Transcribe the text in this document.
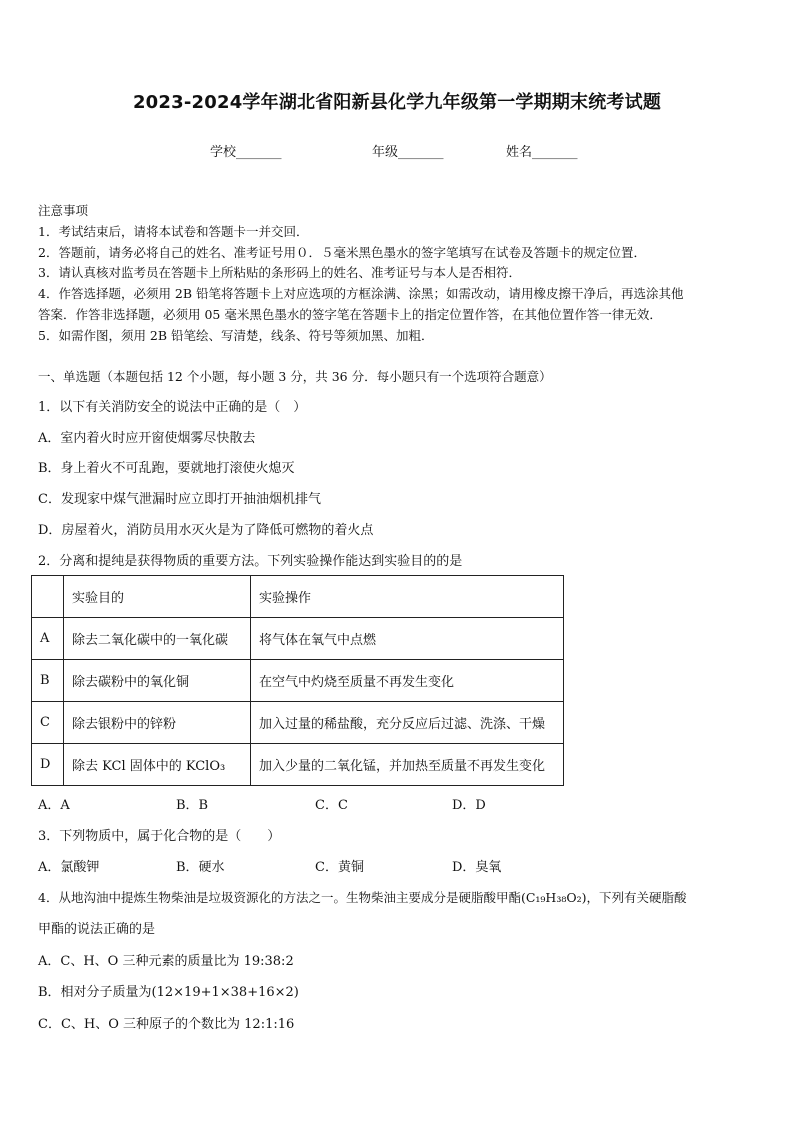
2023-2024学年湖北省阳新县化学九年级第一学期期末统考试题
学校_______	年级_______	姓名_______
注意事项
1．考试结束后，请将本试卷和答题卡一并交回．
2．答题前，请务必将自己的姓名、准考证号用０．５毫米黑色墨水的签字笔填写在试卷及答题卡的规定位置．
3．请认真核对监考员在答题卡上所粘贴的条形码上的姓名、准考证号与本人是否相符．
4．作答选择题，必须用 2B 铅笔将答题卡上对应选项的方框涂满、涂黑；如需改动，请用橡皮擦干净后，再选涂其他
答案．作答非选择题，必须用 05 毫米黑色墨水的签字笔在答题卡上的指定位置作答，在其他位置作答一律无效．
5．如需作图，须用 2B 铅笔绘、写清楚，线条、符号等须加黑、加粗．
一、单选题（本题包括 12 个小题，每小题 3 分，共 36 分．每小题只有一个选项符合题意）
1．以下有关消防安全的说法中正确的是（　）
A．室内着火时应开窗使烟雾尽快散去
B．身上着火不可乱跑，要就地打滚使火熄灭
C．发现家中煤气泄漏时应立即打开抽油烟机排气
D．房屋着火，消防员用水灭火是为了降低可燃物的着火点
2．分离和提纯是获得物质的重要方法。下列实验操作能达到实验目的的是
	实验目的	实验操作
A	除去二氧化碳中的一氧化碳	将气体在氧气中点燃
B	除去碳粉中的氧化铜	在空气中灼烧至质量不再发生变化
C	除去银粉中的锌粉	加入过量的稀盐酸，充分反应后过滤、洗涤、干燥
D	除去 KCl 固体中的 KClO₃	加入少量的二氧化锰，并加热至质量不再发生变化
A．A	B．B	C．C	D．D
3．下列物质中，属于化合物的是（　　）
A．氯酸钾	B．硬水	C．黄铜	D．臭氧
4．从地沟油中提炼生物柴油是垃圾资源化的方法之一。生物柴油主要成分是硬脂酸甲酯(C₁₉H₃₈O₂)，下列有关硬脂酸
甲酯的说法正确的是
A．C、H、O 三种元素的质量比为 19:38:2
B．相对分子质量为(12×19+1×38+16×2)
C．C、H、O 三种原子的个数比为 12:1:16
